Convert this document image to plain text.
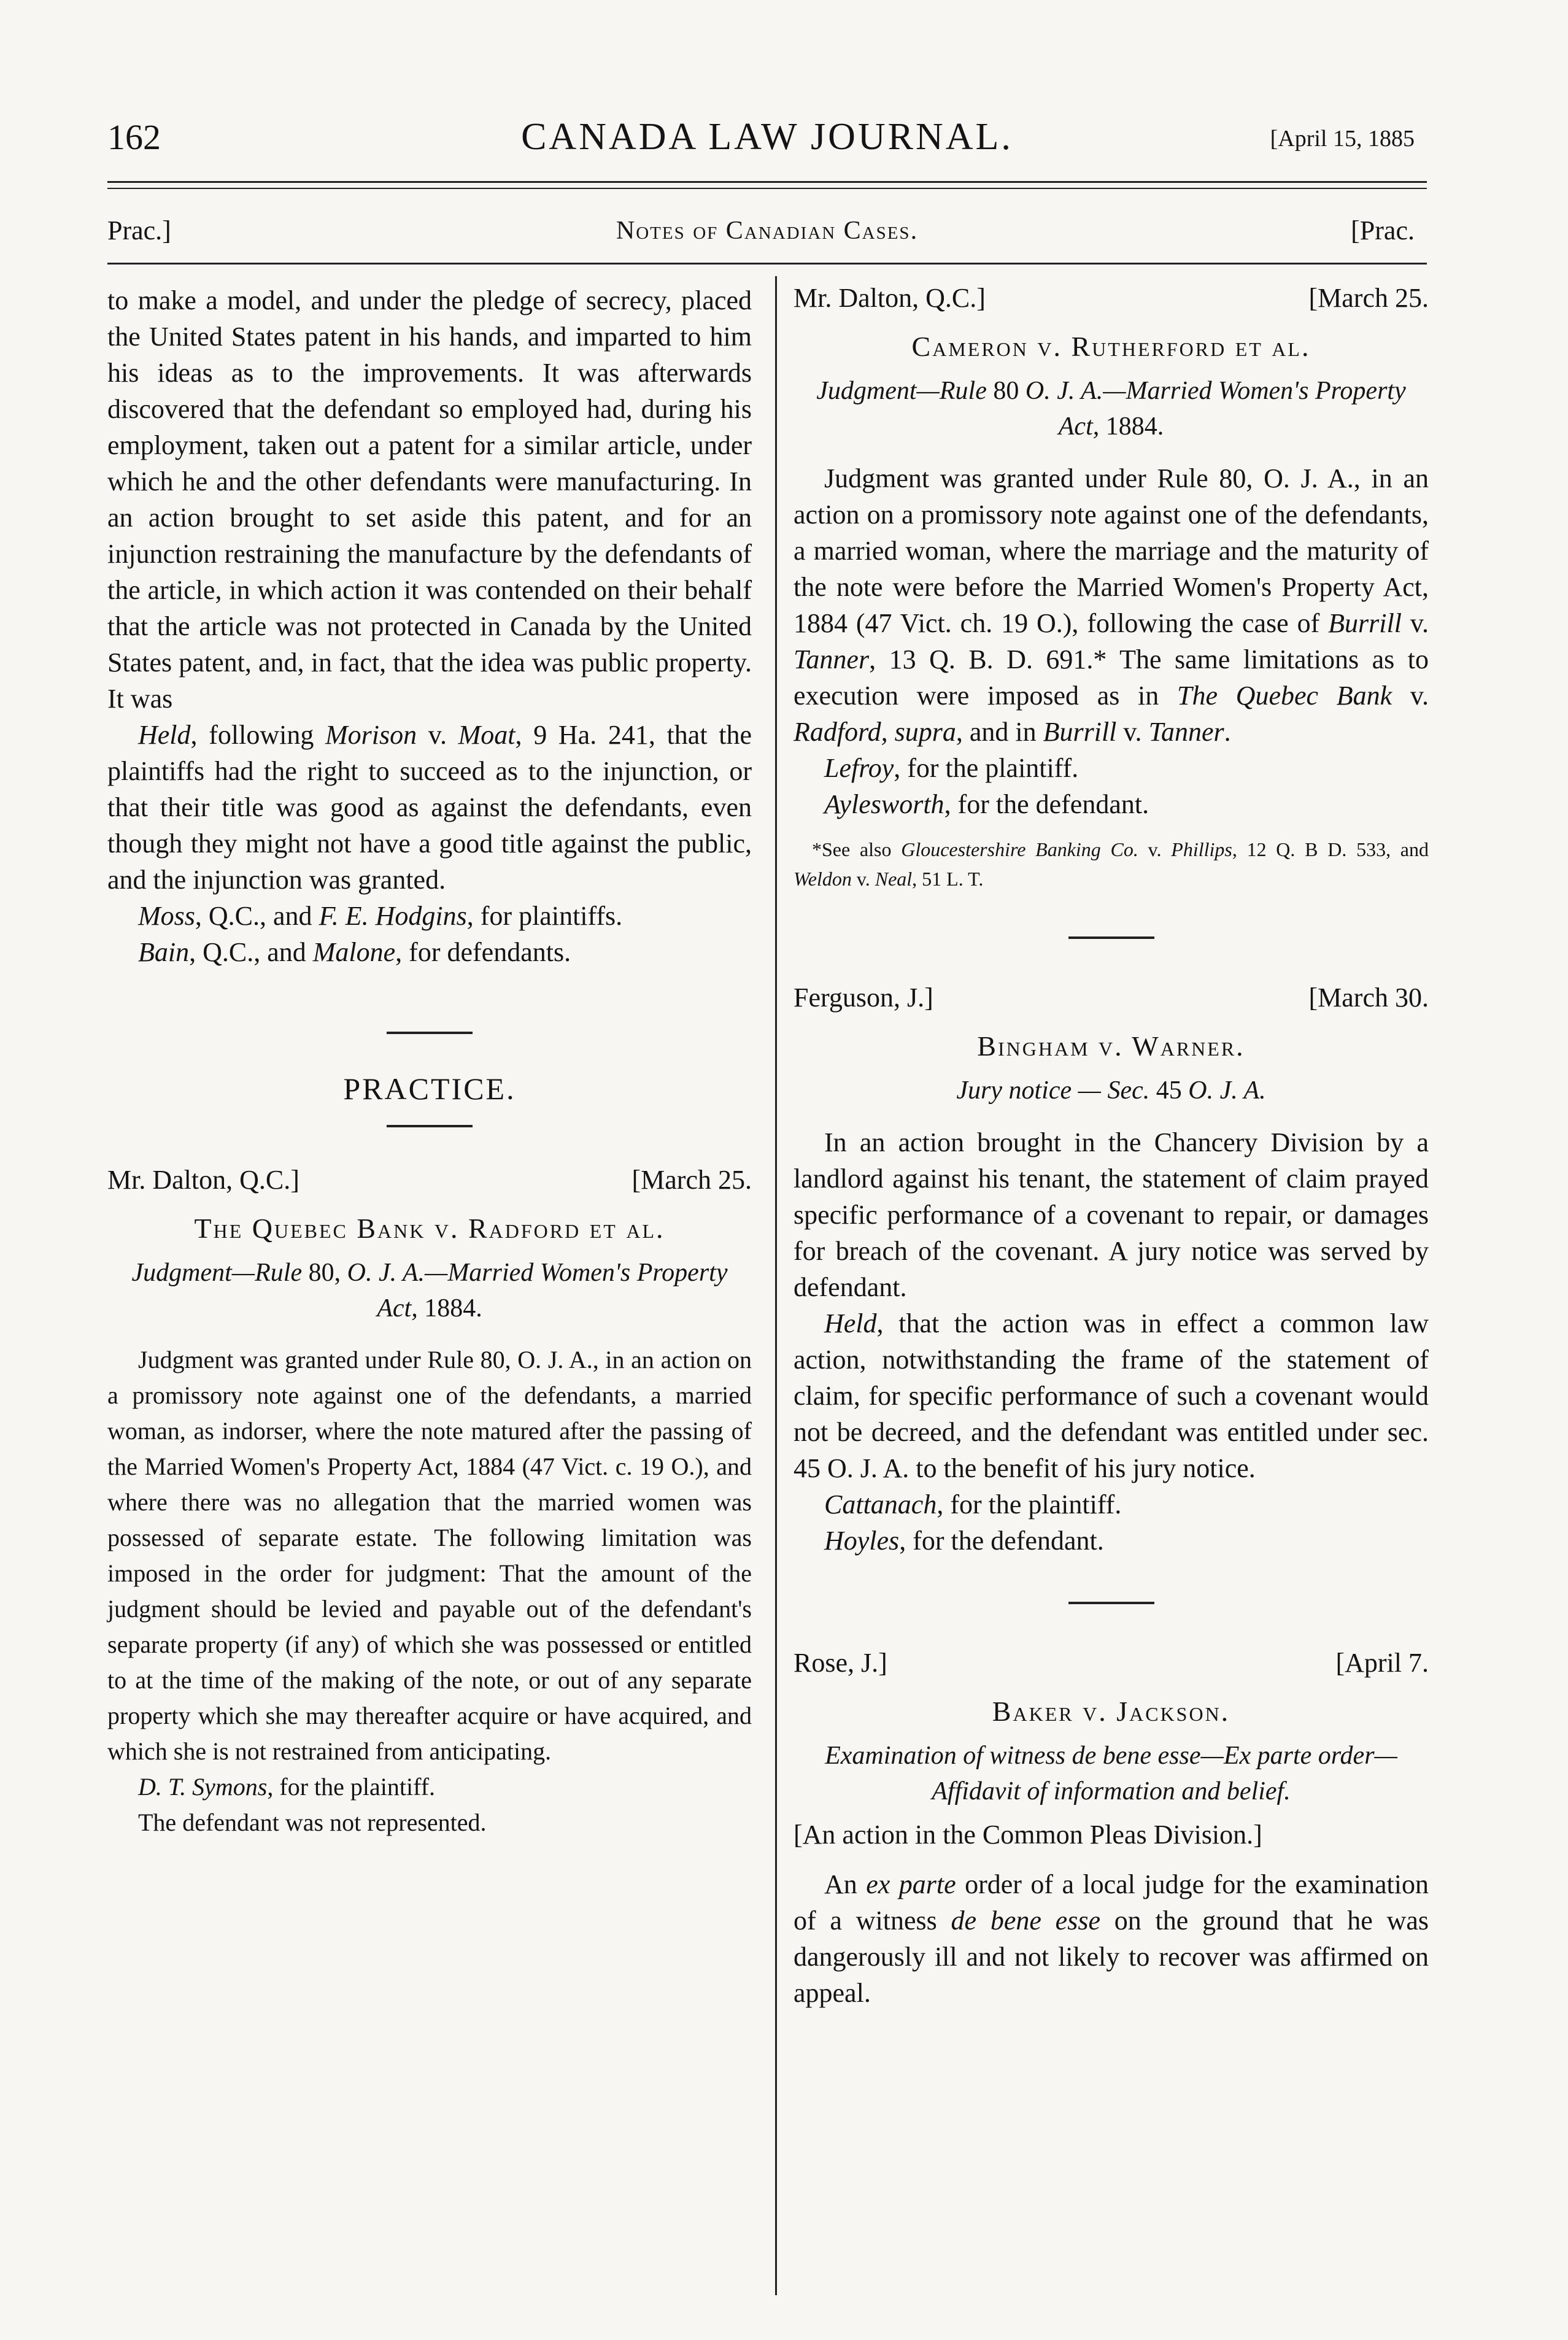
162	CANADA LAW JOURNAL.	[April 15, 1885
Prac.]	Notes of Canadian Cases.	[Prac.

to make a model, and under the pledge of secrecy, placed the United States patent in his hands, and imparted to him his ideas as to the improvements. It was afterwards discovered that the defendant so employed had, during his employment, taken out a patent for a similar article, under which he and the other defendants were manufacturing. In an action brought to set aside this patent, and for an injunction restraining the manufacture by the defendants of the article, in which action it was contended on their behalf that the article was not protected in Canada by the United States patent, and, in fact, that the idea was public property. It was

Held, following Morison v. Moat, 9 Ha. 241, that the plaintiffs had the right to succeed as to the injunction, or that their title was good as against the defendants, even though they might not have a good title against the public, and the injunction was granted.

Moss, Q.C., and F. E. Hodgins, for plaintiffs.

Bain, Q.C., and Malone, for defendants.

PRACTICE.
Mr. Dalton, Q.C.]	[March 25.
The Quebec Bank v. Radford et al.
Judgment—Rule 80, O. J. A.—Married Women's Property Act, 1884.

Judgment was granted under Rule 80, O. J. A., in an action on a promissory note against one of the defendants, a married woman, as indorser, where the note matured after the passing of the Married Women's Property Act, 1884 (47 Vict. c. 19 O.), and where there was no allegation that the married women was possessed of separate estate. The following limitation was imposed in the order for judgment: That the amount of the judgment should be levied and payable out of the defendant's separate property (if any) of which she was possessed or entitled to at the time of the making of the note, or out of any separate property which she may thereafter acquire or have acquired, and which she is not restrained from anticipating.

D. T. Symons, for the plaintiff.

The defendant was not represented.

Mr. Dalton, Q.C.]	[March 25.
Cameron v. Rutherford et al.
Judgment—Rule 80 O. J. A.—Married Women's Property Act, 1884.

Judgment was granted under Rule 80, O. J. A., in an action on a promissory note against one of the defendants, a married woman, where the marriage and the maturity of the note were before the Married Women's Property Act, 1884 (47 Vict. ch. 19 O.), following the case of Burrill v. Tanner, 13 Q. B. D. 691.* The same limitations as to execution were imposed as in The Quebec Bank v. Radford, supra, and in Burrill v. Tanner.

Lefroy, for the plaintiff.

Aylesworth, for the defendant.

*See also Gloucestershire Banking Co. v. Phillips, 12 Q. B D. 533, and Weldon v. Neal, 51 L. T.

Ferguson, J.]	[March 30.
Bingham v. Warner.
Jury notice — Sec. 45 O. J. A.

In an action brought in the Chancery Division by a landlord against his tenant, the statement of claim prayed specific performance of a covenant to repair, or damages for breach of the covenant. A jury notice was served by defendant.

Held, that the action was in effect a common law action, notwithstanding the frame of the statement of claim, for specific performance of such a covenant would not be decreed, and the defendant was entitled under sec. 45 O. J. A. to the benefit of his jury notice.

Cattanach, for the plaintiff.

Hoyles, for the defendant.

Rose, J.]	[April 7.
Baker v. Jackson.
Examination of witness de bene esse—Ex parte order—Affidavit of information and belief.

[An action in the Common Pleas Division.]

An ex parte order of a local judge for the examination of a witness de bene esse on the ground that he was dangerously ill and not likely to recover was affirmed on appeal.
